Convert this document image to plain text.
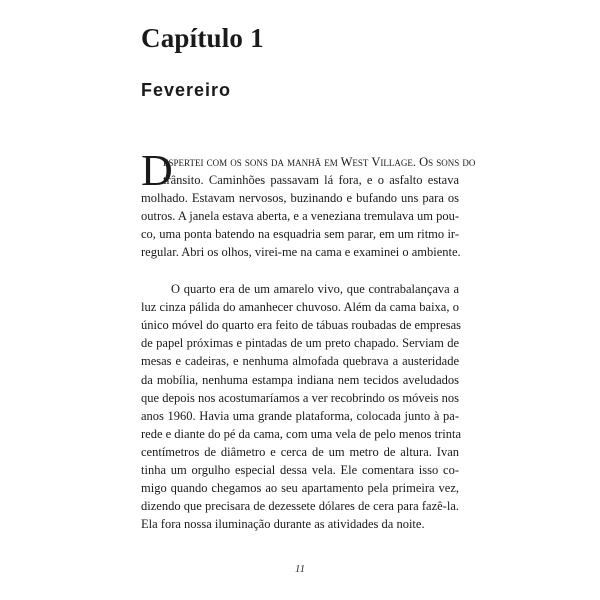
Capítulo 1
Fevereiro
D
espertei com os sons da manhã em West Village. Os sons do
trânsito. Caminhões passavam lá fora, e o asfalto estava
molhado. Estavam nervosos, buzinando e bufando uns para os
outros. A janela estava aberta, e a veneziana tremulava um pou-
co, uma ponta batendo na esquadria sem parar, em um ritmo ir-
regular. Abri os olhos, virei-me na cama e examinei o ambiente.
O quarto era de um amarelo vivo, que contrabalançava a
luz cinza pálida do amanhecer chuvoso. Além da cama baixa, o
único móvel do quarto era feito de tábuas roubadas de empresas
de papel próximas e pintadas de um preto chapado. Serviam de
mesas e cadeiras, e nenhuma almofada quebrava a austeridade
da mobília, nenhuma estampa indiana nem tecidos aveludados
que depois nos acostumaríamos a ver recobrindo os móveis nos
anos 1960. Havia uma grande plataforma, colocada junto à pa-
rede e diante do pé da cama, com uma vela de pelo menos trinta
centímetros de diâmetro e cerca de um metro de altura. Ivan
tinha um orgulho especial dessa vela. Ele comentara isso co-
migo quando chegamos ao seu apartamento pela primeira vez,
dizendo que precisara de dezessete dólares de cera para fazê-la.
Ela fora nossa iluminação durante as atividades da noite.
11
